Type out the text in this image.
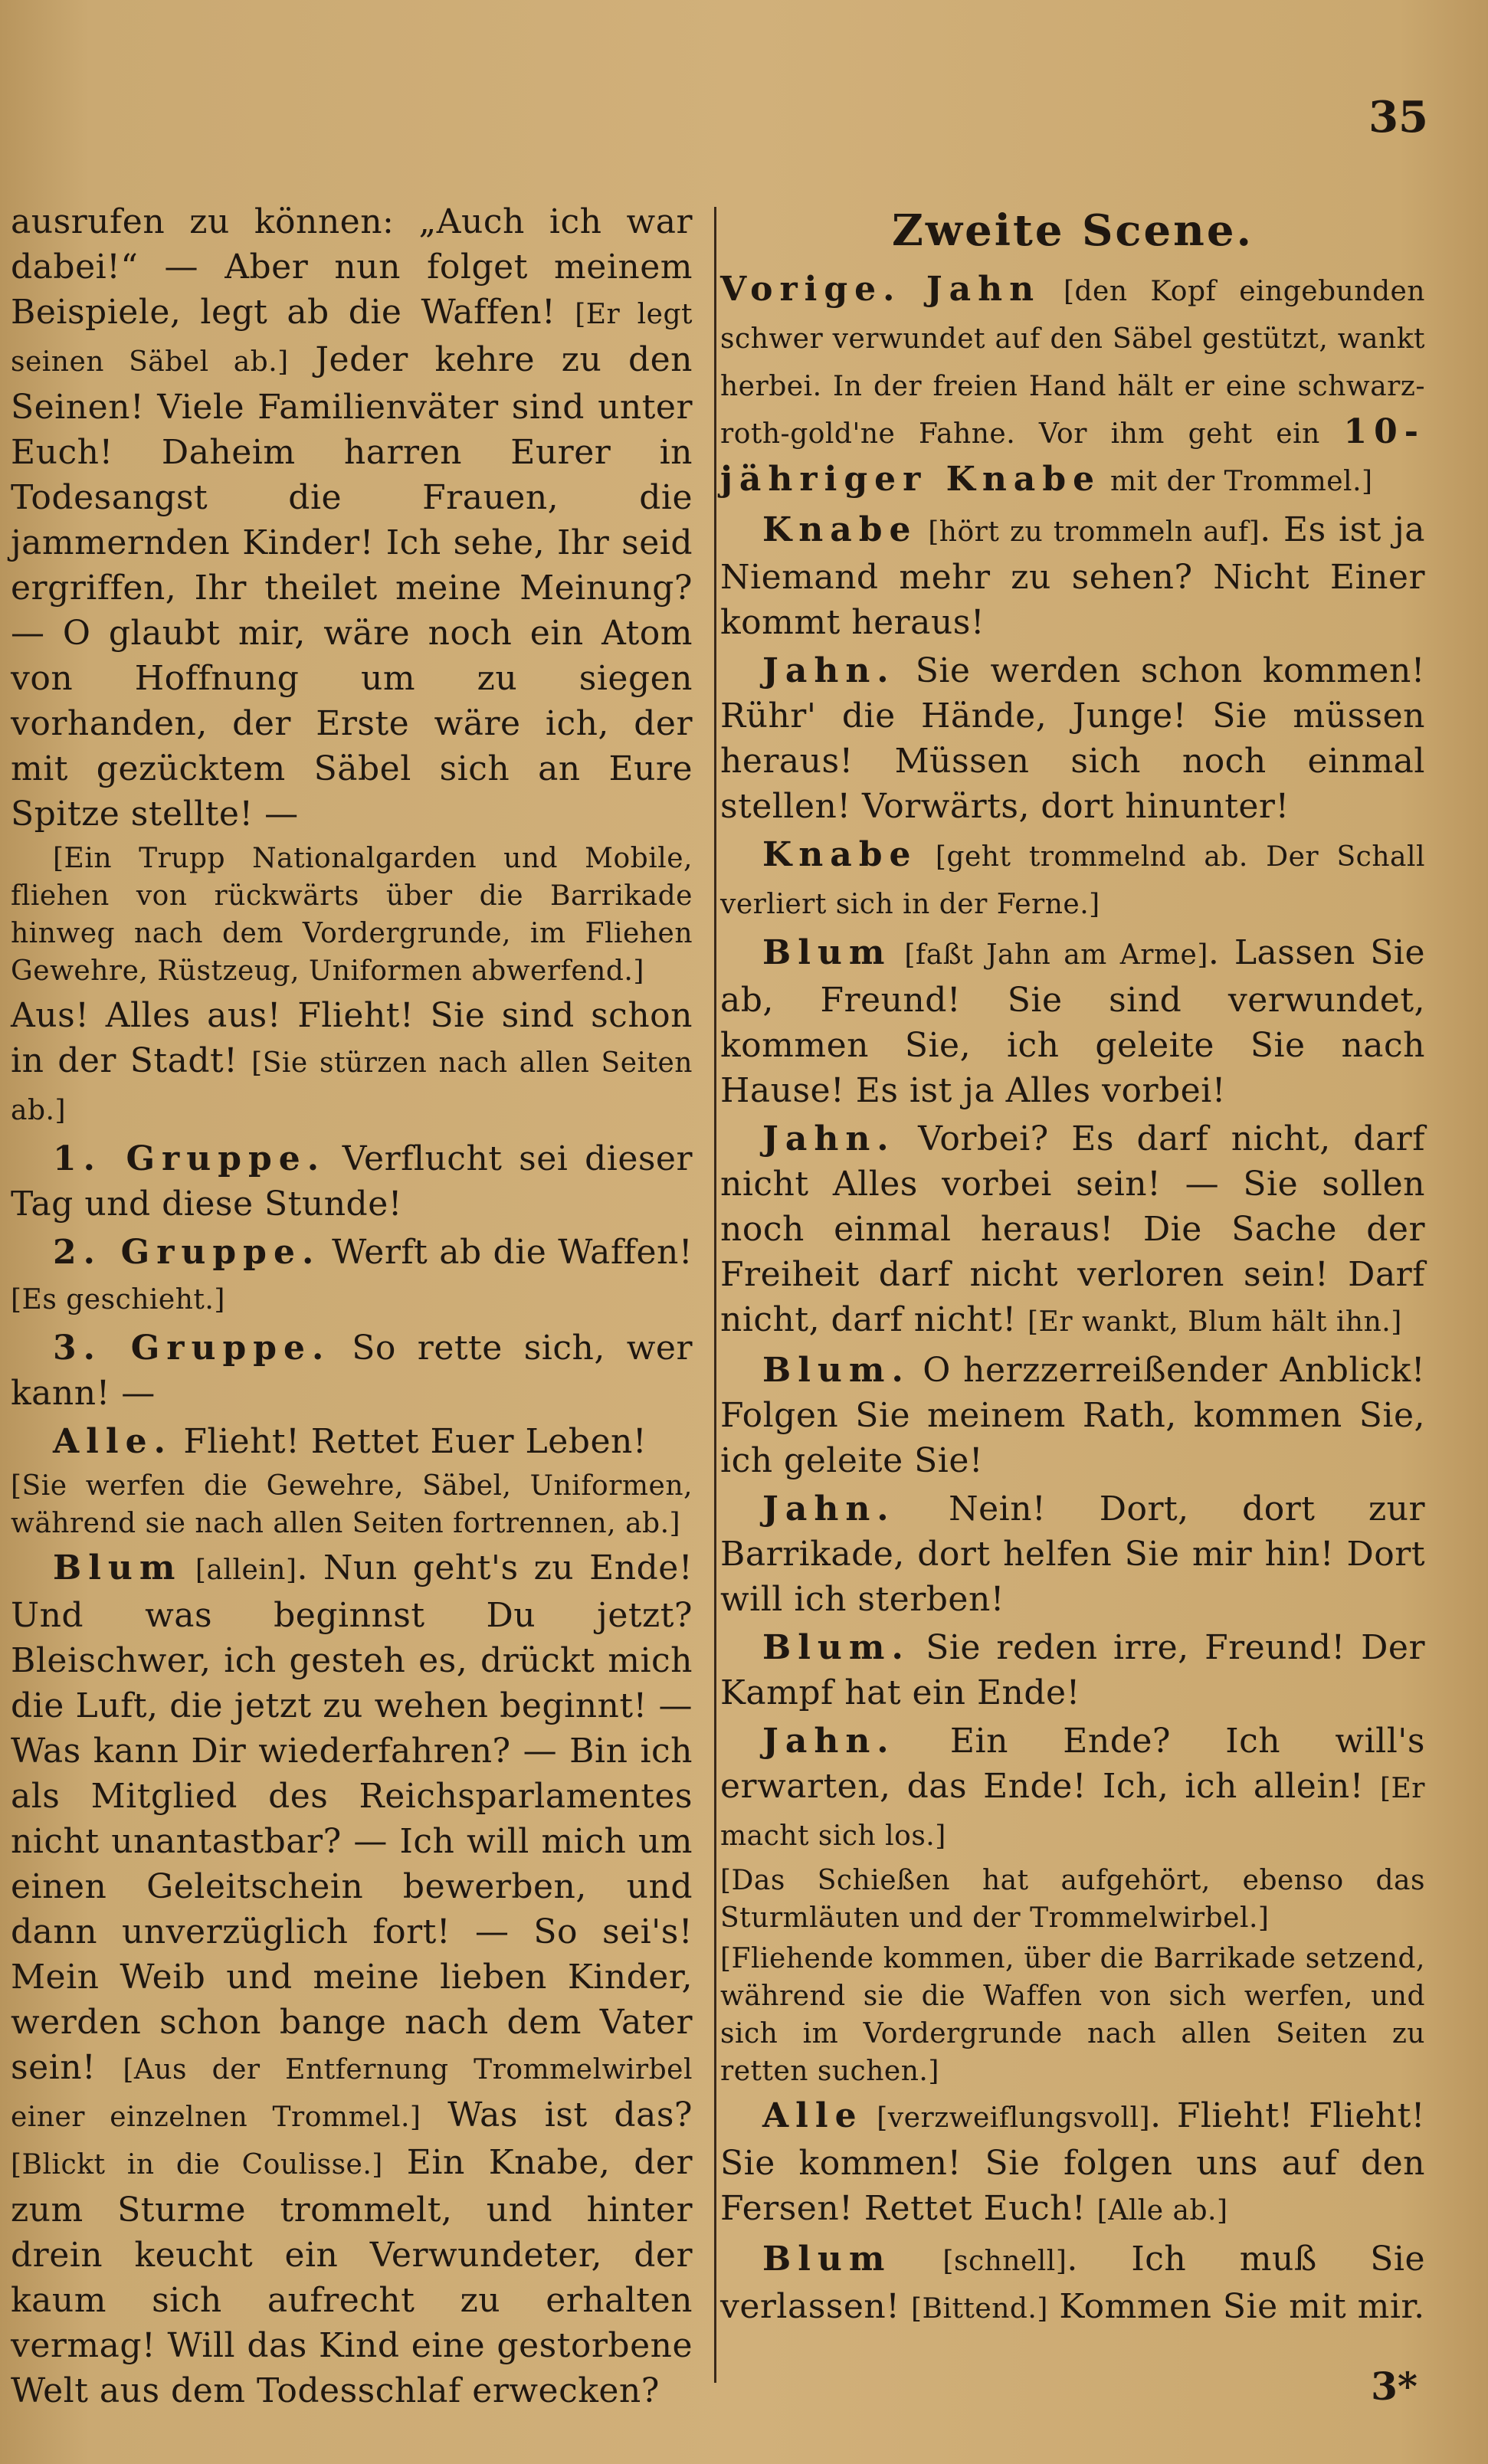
35

ausrufen zu können: „Auch ich war dabei!“ — Aber nun folget meinem Beispiele, legt ab die Waffen! [Er legt seinen Säbel ab.] Jeder kehre zu den Seinen! Viele Familienväter sind unter Euch! Daheim harren Eurer in Todesangst die Frauen, die jammernden Kinder! Ich sehe, Ihr seid ergriffen, Ihr theilet meine Meinung? — O glaubt mir, wäre noch ein Atom von Hoffnung um zu siegen vorhanden, der Erste wäre ich, der mit gezücktem Säbel sich an Eure Spitze stellte! —

[Ein Trupp Nationalgarden und Mobile, fliehen von rückwärts über die Barrikade hinweg nach dem Vordergrunde, im Fliehen Gewehre, Rüstzeug, Uniformen abwerfend.]

Aus! Alles aus! Flieht! Sie sind schon in der Stadt! [Sie stürzen nach allen Seiten ab.]

1. Gruppe. Verflucht sei dieser Tag und diese Stunde!

2. Gruppe. Werft ab die Waffen! [Es geschieht.]

3. Gruppe. So rette sich, wer kann! —

Alle. Flieht! Rettet Euer Leben!

[Sie werfen die Gewehre, Säbel, Uniformen, während sie nach allen Seiten fortrennen, ab.]

Blum [allein]. Nun geht's zu Ende! Und was beginnst Du jetzt? Bleischwer, ich gesteh es, drückt mich die Luft, die jetzt zu wehen beginnt! — Was kann Dir wiederfahren? — Bin ich als Mitglied des Reichsparlamentes nicht unantastbar? — Ich will mich um einen Geleitschein bewerben, und dann unverzüglich fort! — So sei's! Mein Weib und meine lieben Kinder, werden schon bange nach dem Vater sein! [Aus der Entfernung Trommelwirbel einer einzelnen Trommel.] Was ist das? [Blickt in die Coulisse.] Ein Knabe, der zum Sturme trommelt, und hinter drein keucht ein Verwundeter, der kaum sich aufrecht zu erhalten vermag! Will das Kind eine gestorbene Welt aus dem Todesschlaf erwecken?

Zweite Scene.

Vorige. Jahn [den Kopf eingebunden schwer verwundet auf den Säbel gestützt, wankt herbei. In der freien Hand hält er eine schwarz-roth-gold'ne Fahne. Vor ihm geht ein 10-jähriger Knabe mit der Trommel.]

Knabe [hört zu trommeln auf]. Es ist ja Niemand mehr zu sehen? Nicht Einer kommt heraus!

Jahn. Sie werden schon kommen! Rühr' die Hände, Junge! Sie müssen heraus! Müssen sich noch einmal stellen! Vorwärts, dort hinunter!

Knabe [geht trommelnd ab. Der Schall verliert sich in der Ferne.]

Blum [faßt Jahn am Arme]. Lassen Sie ab, Freund! Sie sind verwundet, kommen Sie, ich geleite Sie nach Hause! Es ist ja Alles vorbei!

Jahn. Vorbei? Es darf nicht, darf nicht Alles vorbei sein! — Sie sollen noch einmal heraus! Die Sache der Freiheit darf nicht verloren sein! Darf nicht, darf nicht! [Er wankt, Blum hält ihn.]

Blum. O herzzerreißender Anblick! Folgen Sie meinem Rath, kommen Sie, ich geleite Sie!

Jahn. Nein! Dort, dort zur Barrikade, dort helfen Sie mir hin! Dort will ich sterben!

Blum. Sie reden irre, Freund! Der Kampf hat ein Ende!

Jahn. Ein Ende? Ich will's erwarten, das Ende! Ich, ich allein! [Er macht sich los.]

[Das Schießen hat aufgehört, ebenso das Sturmläuten und der Trommelwirbel.]

[Fliehende kommen, über die Barrikade setzend, während sie die Waffen von sich werfen, und sich im Vordergrunde nach allen Seiten zu retten suchen.]

Alle [verzweiflungsvoll]. Flieht! Flieht! Sie kommen! Sie folgen uns auf den Fersen! Rettet Euch! [Alle ab.]

Blum [schnell]. Ich muß Sie verlassen! [Bittend.] Kommen Sie mit mir.

3*
